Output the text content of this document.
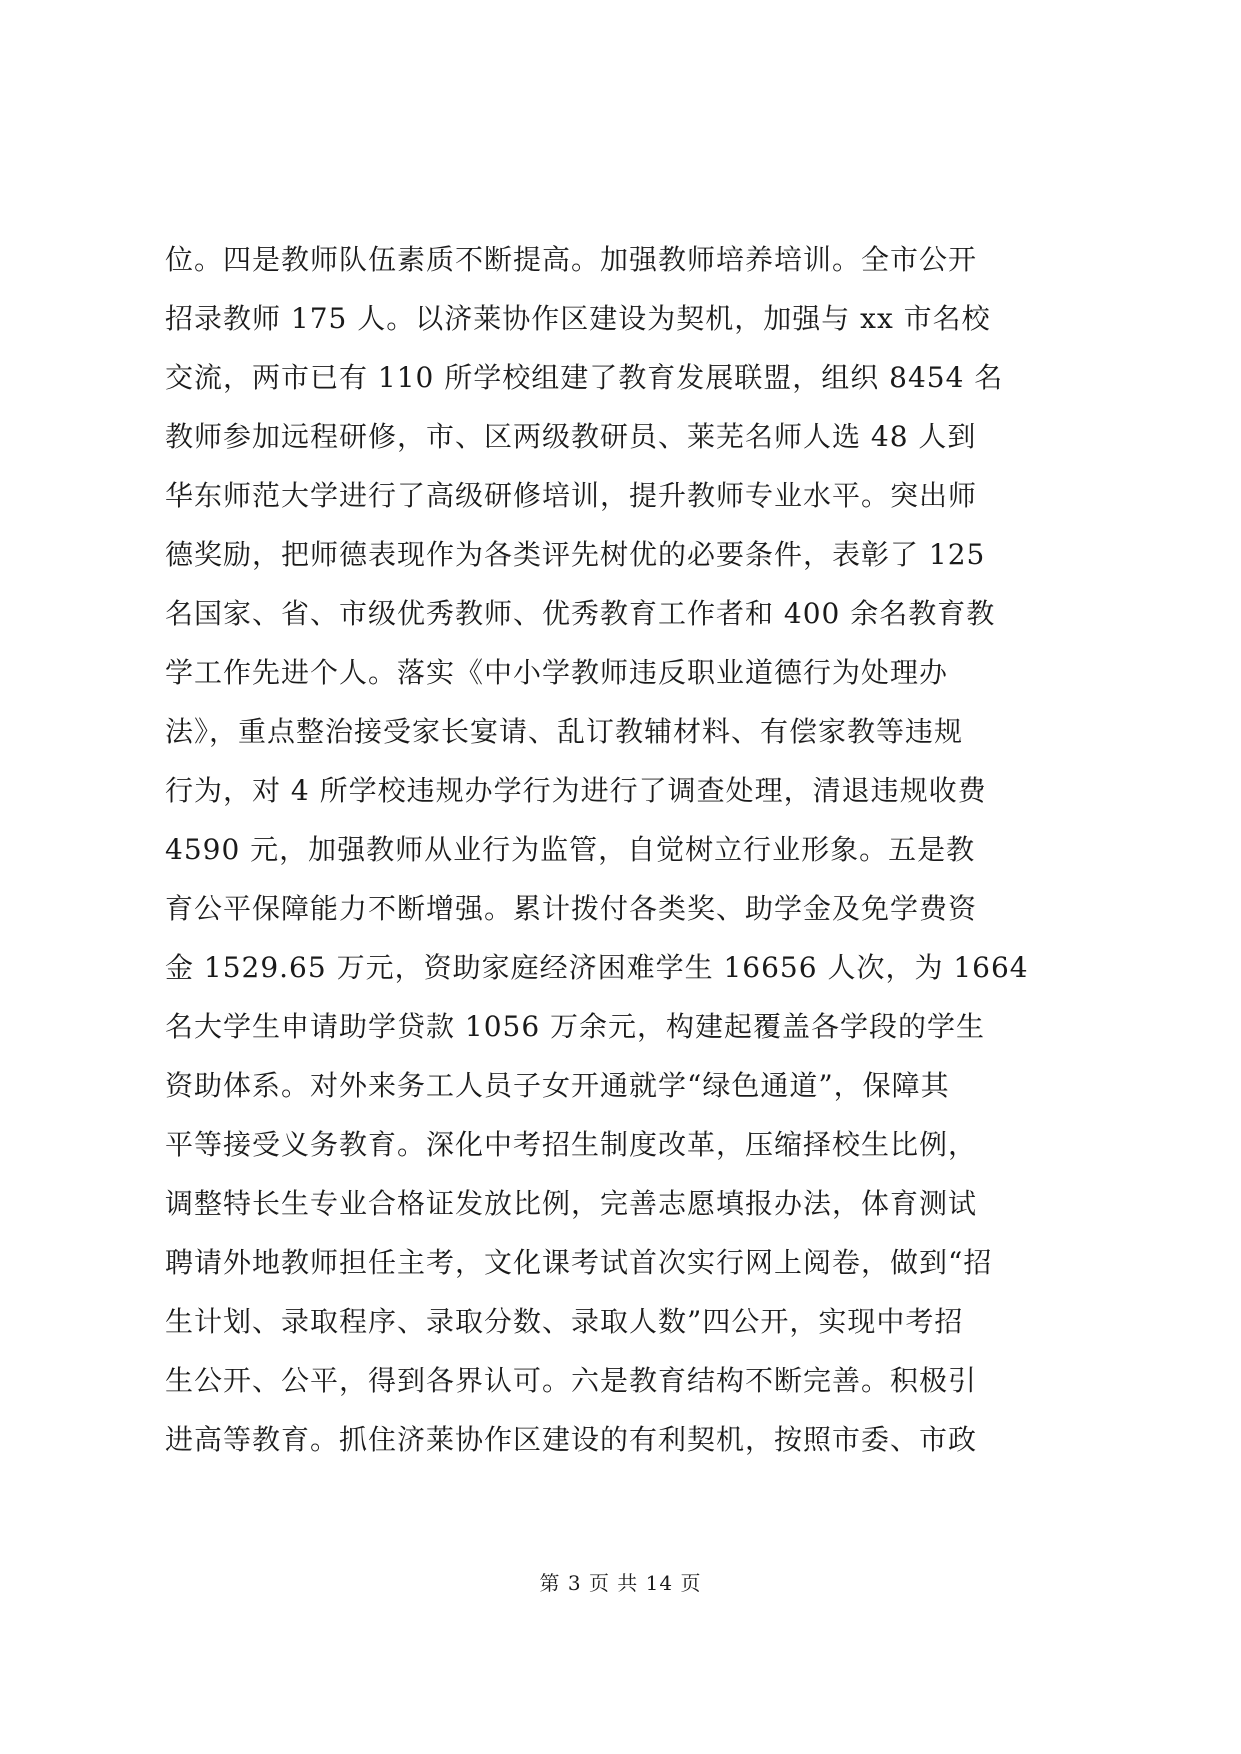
位。四是教师队伍素质不断提高。加强教师培养培训。全市公开
招录教师 175 人。以济莱协作区建设为契机，加强与 xx 市名校
交流，两市已有 110 所学校组建了教育发展联盟，组织 8454 名
教师参加远程研修，市、区两级教研员、莱芜名师人选 48 人到
华东师范大学进行了高级研修培训，提升教师专业水平。突出师
德奖励，把师德表现作为各类评先树优的必要条件，表彰了 125
名国家、省、市级优秀教师、优秀教育工作者和 400 余名教育教
学工作先进个人。落实《中小学教师违反职业道德行为处理办
法》，重点整治接受家长宴请、乱订教辅材料、有偿家教等违规
行为，对 4 所学校违规办学行为进行了调查处理，清退违规收费
4590 元，加强教师从业行为监管，自觉树立行业形象。五是教
育公平保障能力不断增强。累计拨付各类奖、助学金及免学费资
金 1529.65 万元，资助家庭经济困难学生 16656 人次，为 1664
名大学生申请助学贷款 1056 万余元，构建起覆盖各学段的学生
资助体系。对外来务工人员子女开通就学“绿色通道”，保障其
平等接受义务教育。深化中考招生制度改革，压缩择校生比例，
调整特长生专业合格证发放比例，完善志愿填报办法，体育测试
聘请外地教师担任主考，文化课考试首次实行网上阅卷，做到“招
生计划、录取程序、录取分数、录取人数”四公开，实现中考招
生公开、公平，得到各界认可。六是教育结构不断完善。积极引
进高等教育。抓住济莱协作区建设的有利契机，按照市委、市政
第 3 页 共 14 页
